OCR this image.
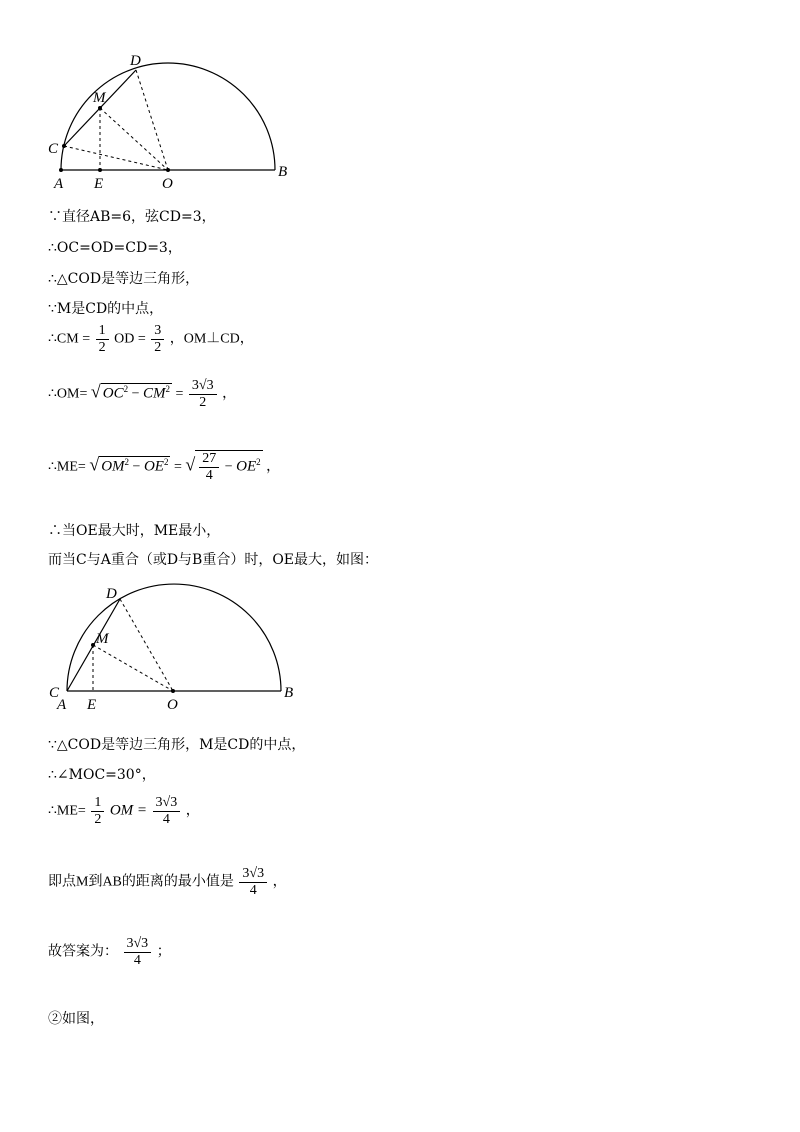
D
M
C
A E	O
B
∵直径AB=6，弦CD=3，
∴OC=OD=CD=3，
∴△COD是等边三角形，
∵M是CD的中点，
∴CM = $\frac{1}{2}$ OD = $\frac{3}{2}$ ，OM⊥CD，
∴OM= √ $OC^2 - CM^2 = \frac{3√3}{2}$ ，
∴ME= √ $OM^2 - OE^2$ = √ $\frac{27}{4} - OE^2$ ，
∴当OE最大时，ME最小，
而当C与A重合（或D与B重合）时，OE最大，如图：
D
M
C
A E	O
B
∵△COD是等边三角形，M是CD的中点，
∴∠MOC=30°，
∴ME= $\frac{1}{2}$ OM = $\frac{3√3}{4}$ ，
即点M到AB的距离的最小值是 $\frac{3√3}{4}$ ，
故答案为： $\frac{3√3}{4}$ ；
②如图，
